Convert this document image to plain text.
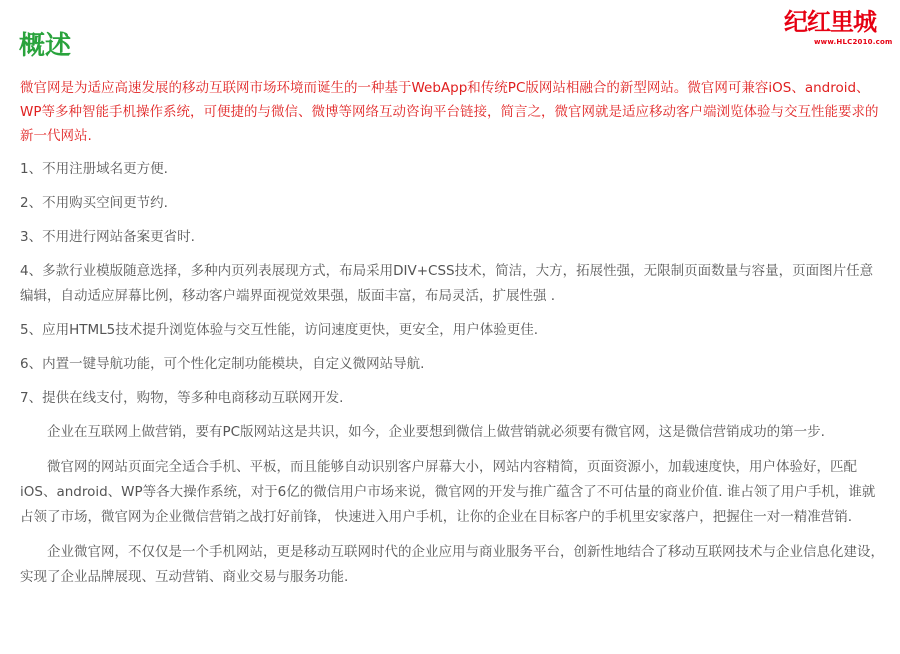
纪红里城
www.HLC2010.com
概述

微官网是为适应高速发展的移动互联网市场环境而诞生的一种基于WebApp和传统PC版网站相融合的新型网站。微官网可兼容iOS、android、WP等多种智能手机操作系统，可便捷的与微信、微博等网络互动咨询平台链接，简言之，微官网就是适应移动客户端浏览体验与交互性能要求的新一代网站.

1、不用注册域名更方便.

2、不用购买空间更节约.

3、不用进行网站备案更省时.

4、多款行业模版随意选择，多种内页列表展现方式，布局采用DIV+CSS技术，简洁，大方，拓展性强，无限制页面数量与容量，页面图片任意编辑，自动适应屏幕比例，移动客户端界面视觉效果强，版面丰富，布局灵活，扩展性强 .

5、应用HTML5技术提升浏览体验与交互性能，访问速度更快，更安全，用户体验更佳.

6、内置一键导航功能，可个性化定制功能模块，自定义微网站导航.

7、提供在线支付，购物，等多种电商移动互联网开发.

企业在互联网上做营销，要有PC版网站这是共识，如今，企业要想到微信上做营销就必须要有微官网，这是微信营销成功的第一步.

微官网的网站页面完全适合手机、平板，而且能够自动识别客户屏幕大小，网站内容精简，页面资源小，加载速度快，用户体验好，匹配iOS、android、WP等各大操作系统，对于6亿的微信用户市场来说，微官网的开发与推广蕴含了不可估量的商业价值. 谁占领了用户手机，谁就占领了市场，微官网为企业微信营销之战打好前锋， 快速进入用户手机，让你的企业在目标客户的手机里安家落户，把握住一对一精准营销.

企业微官网，不仅仅是一个手机网站，更是移动互联网时代的企业应用与商业服务平台，创新性地结合了移动互联网技术与企业信息化建设，实现了企业品牌展现、互动营销、商业交易与服务功能.
